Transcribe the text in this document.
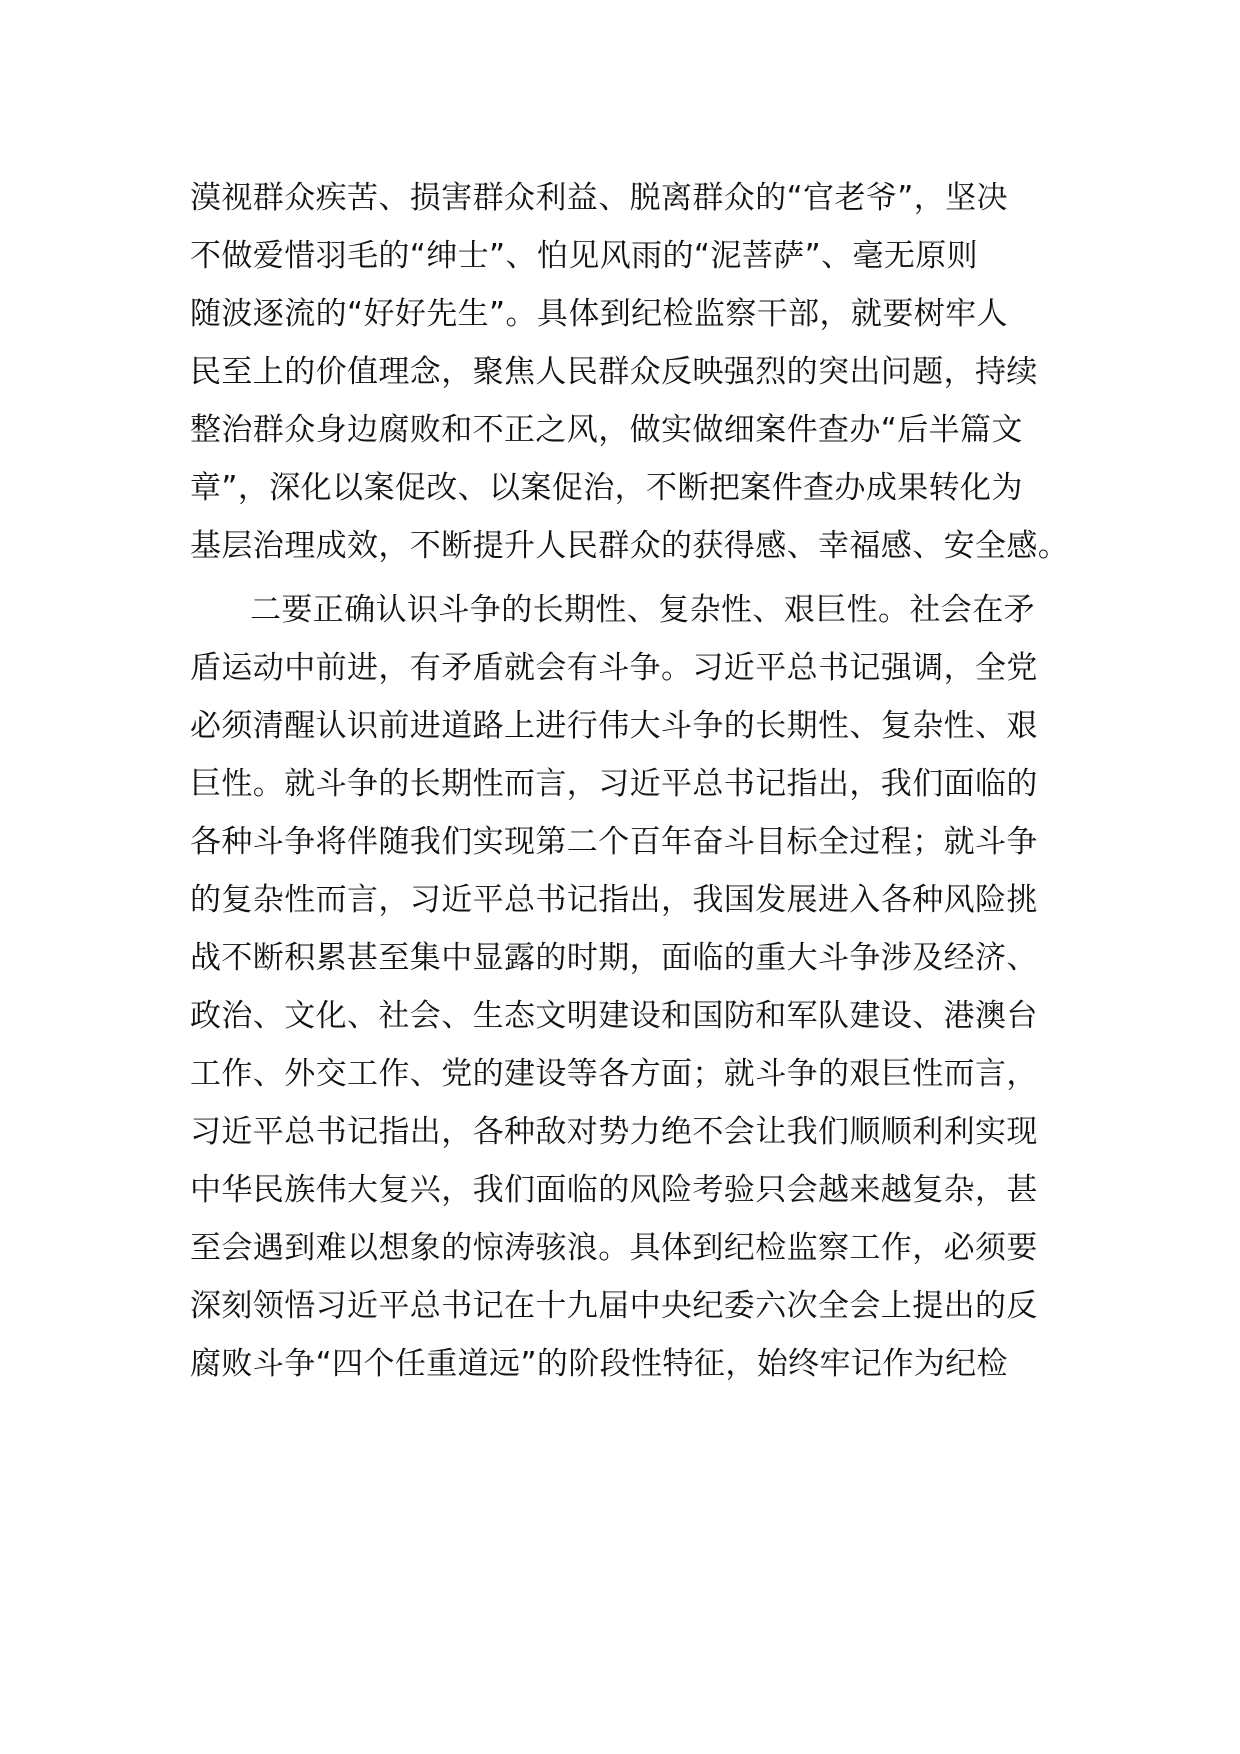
漠视群众疾苦、损害群众利益、脱离群众的“官老爷”，坚决
不做爱惜羽毛的“绅士”、怕见风雨的“泥菩萨”、毫无原则
随波逐流的“好好先生”。具体到纪检监察干部，就要树牢人
民至上的价值理念，聚焦人民群众反映强烈的突出问题，持续
整治群众身边腐败和不正之风，做实做细案件查办“后半篇文
章”，深化以案促改、以案促治，不断把案件查办成果转化为
基层治理成效，不断提升人民群众的获得感、幸福感、安全感。
二要正确认识斗争的长期性、复杂性、艰巨性。社会在矛
盾运动中前进，有矛盾就会有斗争。习近平总书记强调，全党
必须清醒认识前进道路上进行伟大斗争的长期性、复杂性、艰
巨性。就斗争的长期性而言，习近平总书记指出，我们面临的
各种斗争将伴随我们实现第二个百年奋斗目标全过程；就斗争
的复杂性而言，习近平总书记指出，我国发展进入各种风险挑
战不断积累甚至集中显露的时期，面临的重大斗争涉及经济、
政治、文化、社会、生态文明建设和国防和军队建设、港澳台
工作、外交工作、党的建设等各方面；就斗争的艰巨性而言，
习近平总书记指出，各种敌对势力绝不会让我们顺顺利利实现
中华民族伟大复兴，我们面临的风险考验只会越来越复杂，甚
至会遇到难以想象的惊涛骇浪。具体到纪检监察工作，必须要
深刻领悟习近平总书记在十九届中央纪委六次全会上提出的反
腐败斗争“四个任重道远”的阶段性特征，始终牢记作为纪检
